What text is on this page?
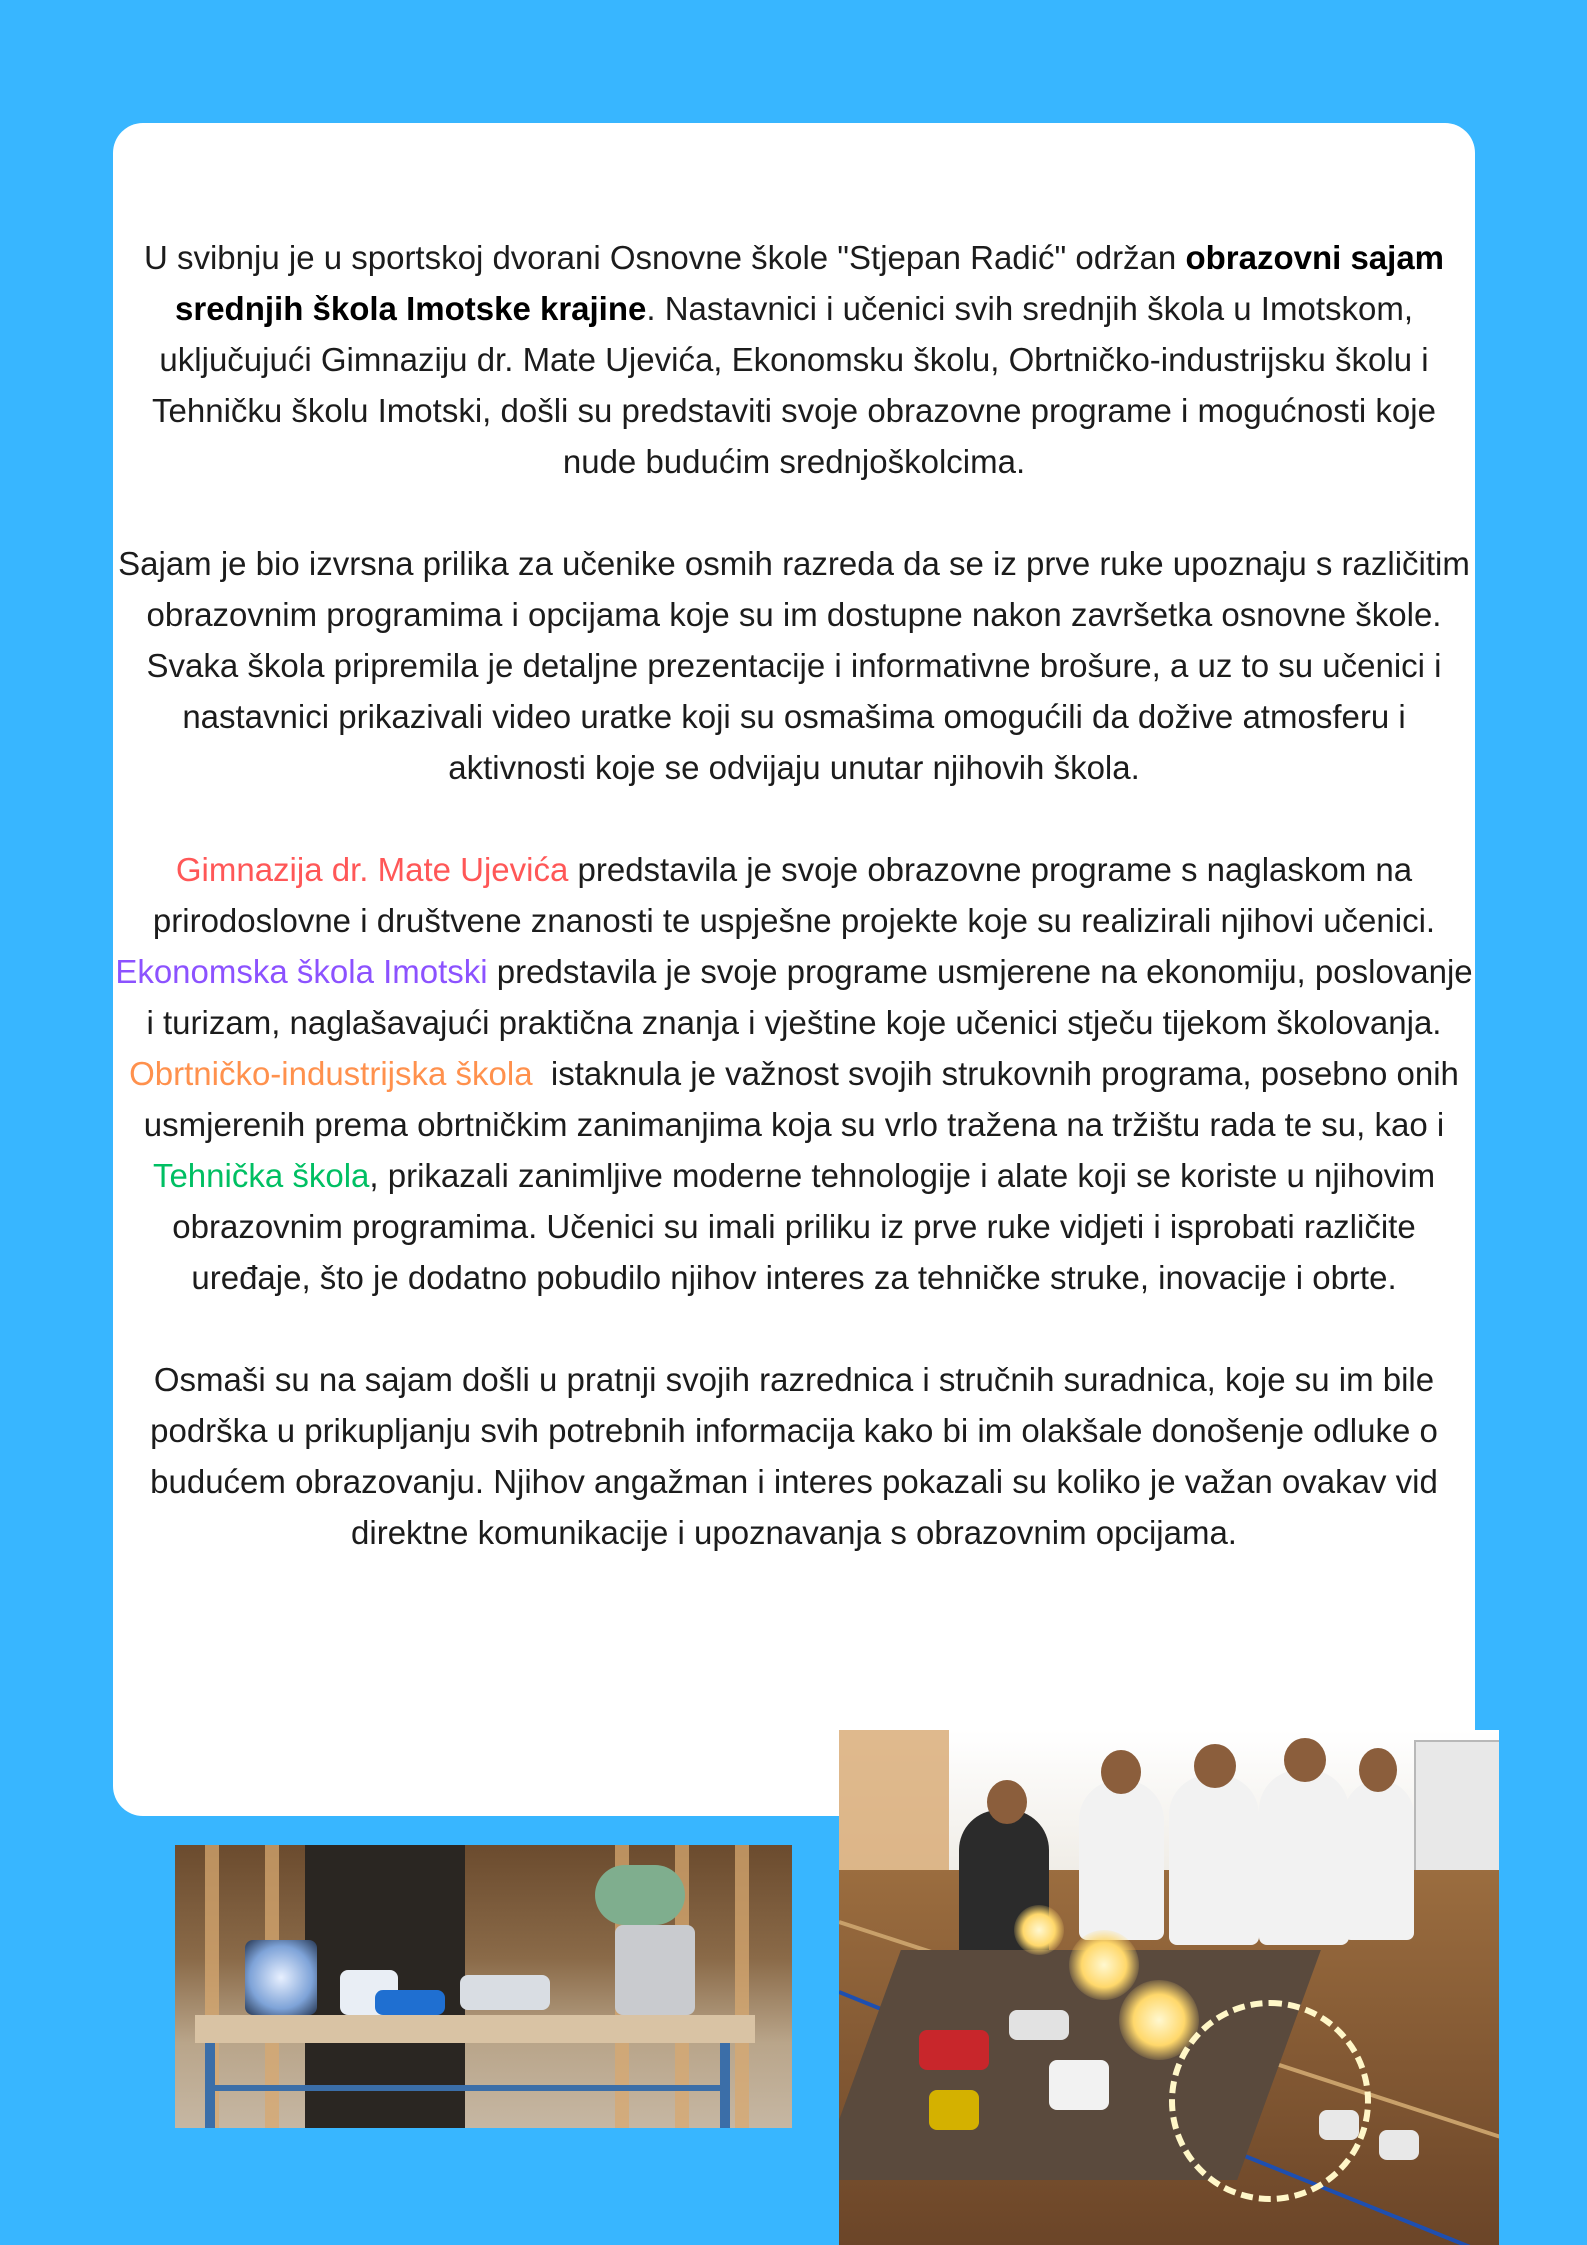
U svibnju je u sportskoj dvorani Osnovne škole "Stjepan Radić" održan obrazovni sajam srednjih škola Imotske krajine. Nastavnici i učenici svih srednjih škola u Imotskom, uključujući Gimnaziju dr. Mate Ujevića, Ekonomsku školu, Obrtničko-industrijsku školu i Tehničku školu Imotski, došli su predstaviti svoje obrazovne programe i mogućnosti koje nude budućim srednjoškolcima.

Sajam je bio izvrsna prilika za učenike osmih razreda da se iz prve ruke upoznaju s različitim obrazovnim programima i opcijama koje su im dostupne nakon završetka osnovne škole. Svaka škola pripremila je detaljne prezentacije i informativne brošure, a uz to su učenici i nastavnici prikazivali video uratke koji su osmašima omogućili da dožive atmosferu i aktivnosti koje se odvijaju unutar njihovih škola.

Gimnazija dr. Mate Ujevića predstavila je svoje obrazovne programe s naglaskom na prirodoslovne i društvene znanosti te uspješne projekte koje su realizirali njihovi učenici. Ekonomska škola Imotski predstavila je svoje programe usmjerene na ekonomiju, poslovanje i turizam, naglašavajući praktična znanja i vještine koje učenici stječu tijekom školovanja. Obrtničko-industrijska škola  istaknula je važnost svojih strukovnih programa, posebno onih usmjerenih prema obrtničkim zanimanjima koja su vrlo tražena na tržištu rada te su, kao i Tehnička škola, prikazali zanimljive moderne tehnologije i alate koji se koriste u njihovim obrazovnim programima. Učenici su imali priliku iz prve ruke vidjeti i isprobati različite uređaje, što je dodatno pobudilo njihov interes za tehničke struke, inovacije i obrte.

Osmaši su na sajam došli u pratnji svojih razrednica i stručnih suradnica, koje su im bile podrška u prikupljanju svih potrebnih informacija kako bi im olakšale donošenje odluke o budućem obrazovanju. Njihov angažman i interes pokazali su koliko je važan ovakav vid direktne komunikacije i upoznavanja s obrazovnim opcijama.
